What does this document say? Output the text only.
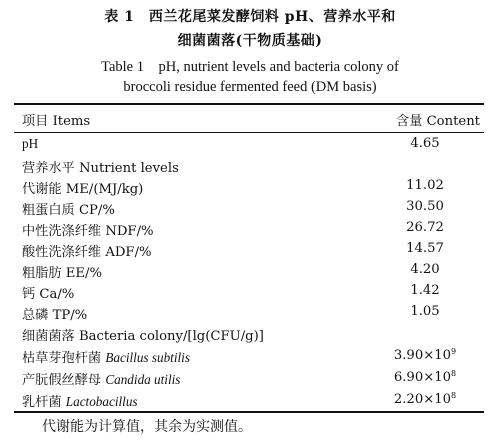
表 1　西兰花尾菜发酵饲料 pH、营养水平和
细菌菌落(干物质基础)
Table 1　pH, nutrient levels and bacteria colony of
broccoli residue fermented feed (DM basis)
项目 Items	含量 Content
pH	4.65
营养水平 Nutrient levels
代谢能 ME/(MJ/kg)	11.02
粗蛋白质 CP/%	30.50
中性洗涤纤维 NDF/%	26.72
酸性洗涤纤维 ADF/%	14.57
粗脂肪 EE/%	4.20
钙 Ca/%	1.42
总磷 TP/%	1.05
细菌菌落 Bacteria colony/[lg(CFU/g)]
枯草芽孢杆菌 Bacillus subtilis	$3.90\times 10^9$
产朊假丝酵母 Candida utilis	$6.90\times 10^8$
乳杆菌 Lactobacillus	$2.20\times 10^8$
代谢能为计算值，其余为实测值。
